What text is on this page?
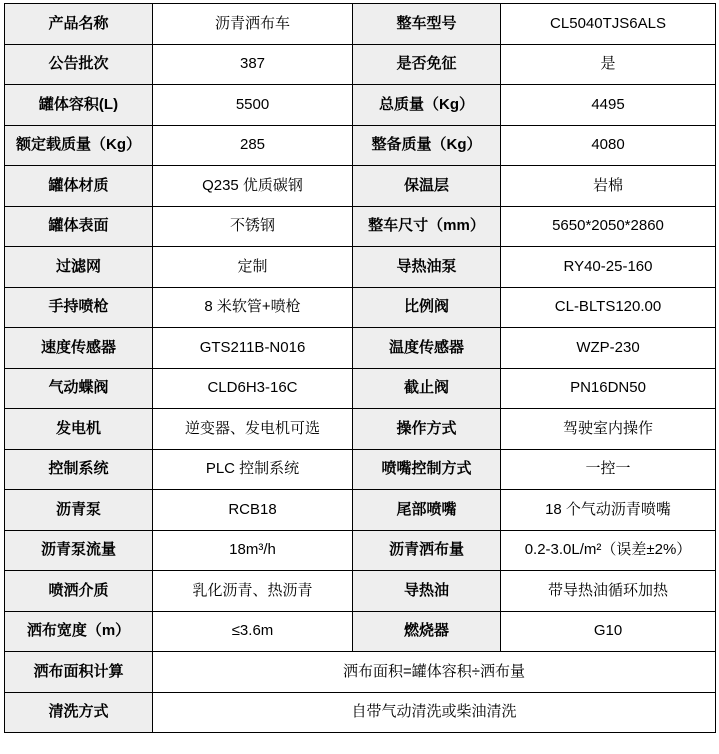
产品名称	沥青洒布车	整车型号	CL5040TJS6ALS
公告批次	387	是否免征	是
罐体容积(L)	5500	总质量（Kg）	4495
额定载质量（Kg）	285	整备质量（Kg）	4080
罐体材质	Q235 优质碳钢	保温层	岩棉
罐体表面	不锈钢	整车尺寸（mm）	5650*2050*2860
过滤网	定制	导热油泵	RY40-25-160
手持喷枪	8 米软管+喷枪	比例阀	CL-BLTS120.00
速度传感器	GTS211B-N016	温度传感器	WZP-230
气动蝶阀	CLD6H3-16C	截止阀	PN16DN50
发电机	逆变器、发电机可选	操作方式	驾驶室内操作
控制系统	PLC 控制系统	喷嘴控制方式	一控一
沥青泵	RCB18	尾部喷嘴	18 个气动沥青喷嘴
沥青泵流量	18m³/h	沥青洒布量	0.2-3.0L/m²（误差±2%）
喷洒介质	乳化沥青、热沥青	导热油	带导热油循环加热
洒布宽度（m）	≤3.6m	燃烧器	G10
洒布面积计算	洒布面积=罐体容积÷洒布量		
清洗方式	自带气动清洗或柴油清洗		
